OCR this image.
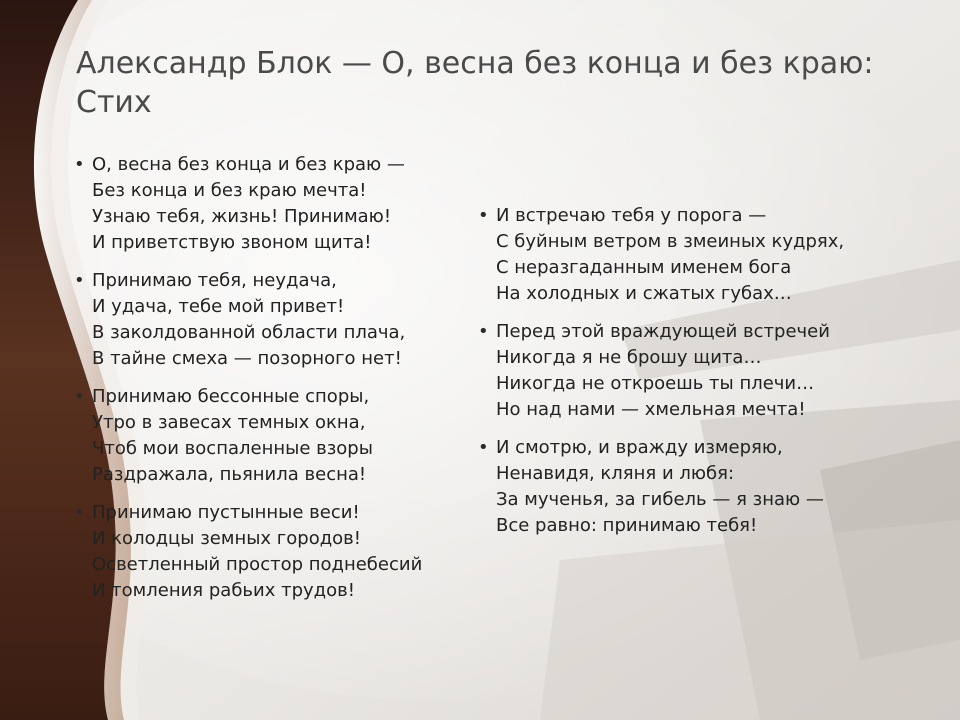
Александр Блок — О, весна без конца и без краю: Стих
• О, весна без конца и без краю —
Без конца и без краю мечта!
Узнаю тебя, жизнь! Принимаю!
И приветствую звоном щита!
• Принимаю тебя, неудача,
И удача, тебе мой привет!
В заколдованной области плача,
В тайне смеха — позорного нет!
• Принимаю бессонные споры,
Утро в завесах темных окна,
Чтоб мои воспаленные взоры
Раздражала, пьянила весна!
• Принимаю пустынные веси!
И колодцы земных городов!
Осветленный простор поднебесий
И томления рабьих трудов!
• И встречаю тебя у порога —
С буйным ветром в змеиных кудрях,
С неразгаданным именем бога
На холодных и сжатых губах…
• Перед этой враждующей встречей
Никогда я не брошу щита…
Никогда не откроешь ты плечи…
Но над нами — хмельная мечта!
• И смотрю, и вражду измеряю,
Ненавидя, кляня и любя:
За мученья, за гибель — я знаю —
Все равно: принимаю тебя!
